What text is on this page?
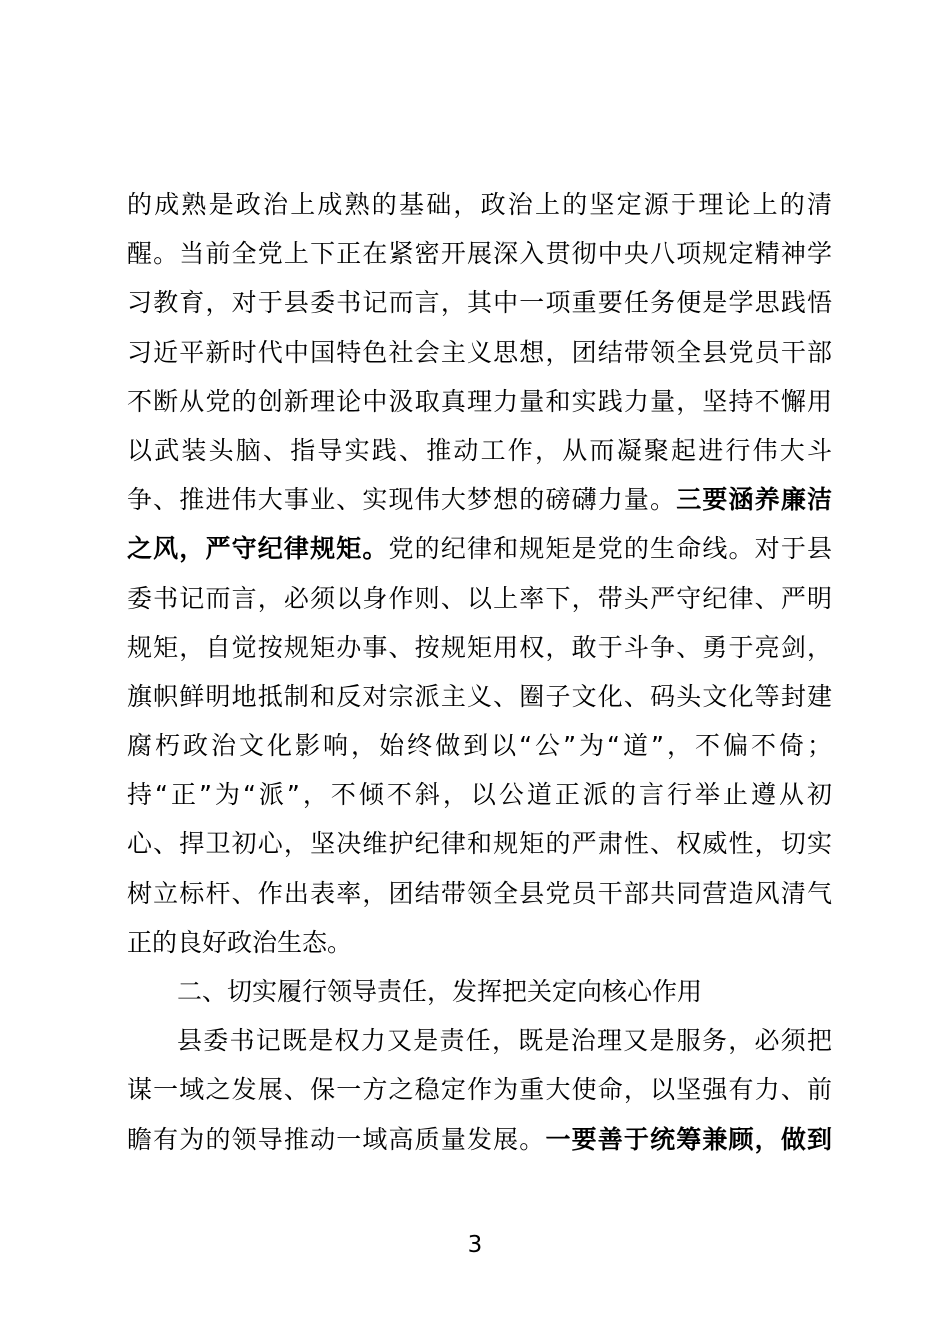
的成熟是政治上成熟的基础，政治上的坚定源于理论上的清
醒。当前全党上下正在紧密开展深入贯彻中央八项规定精神学
习教育，对于县委书记而言，其中一项重要任务便是学思践悟
习近平新时代中国特色社会主义思想，团结带领全县党员干部
不断从党的创新理论中汲取真理力量和实践力量，坚持不懈用
以武装头脑、指导实践、推动工作，从而凝聚起进行伟大斗
争、推进伟大事业、实现伟大梦想的磅礴力量。三要涵养廉洁
之风，严守纪律规矩。党的纪律和规矩是党的生命线。对于县
委书记而言，必须以身作则、以上率下，带头严守纪律、严明
规矩，自觉按规矩办事、按规矩用权，敢于斗争、勇于亮剑，
旗帜鲜明地抵制和反对宗派主义、圈子文化、码头文化等封建
腐朽政治文化影响，始终做到以“公”为“道”，不偏不倚；
持“正”为“派”，不倾不斜，以公道正派的言行举止遵从初
心、捍卫初心，坚决维护纪律和规矩的严肃性、权威性，切实
树立标杆、作出表率，团结带领全县党员干部共同营造风清气
正的良好政治生态。
二、切实履行领导责任，发挥把关定向核心作用
县委书记既是权力又是责任，既是治理又是服务，必须把
谋一域之发展、保一方之稳定作为重大使命，以坚强有力、前
瞻有为的领导推动一域高质量发展。一要善于统筹兼顾，做到
3
